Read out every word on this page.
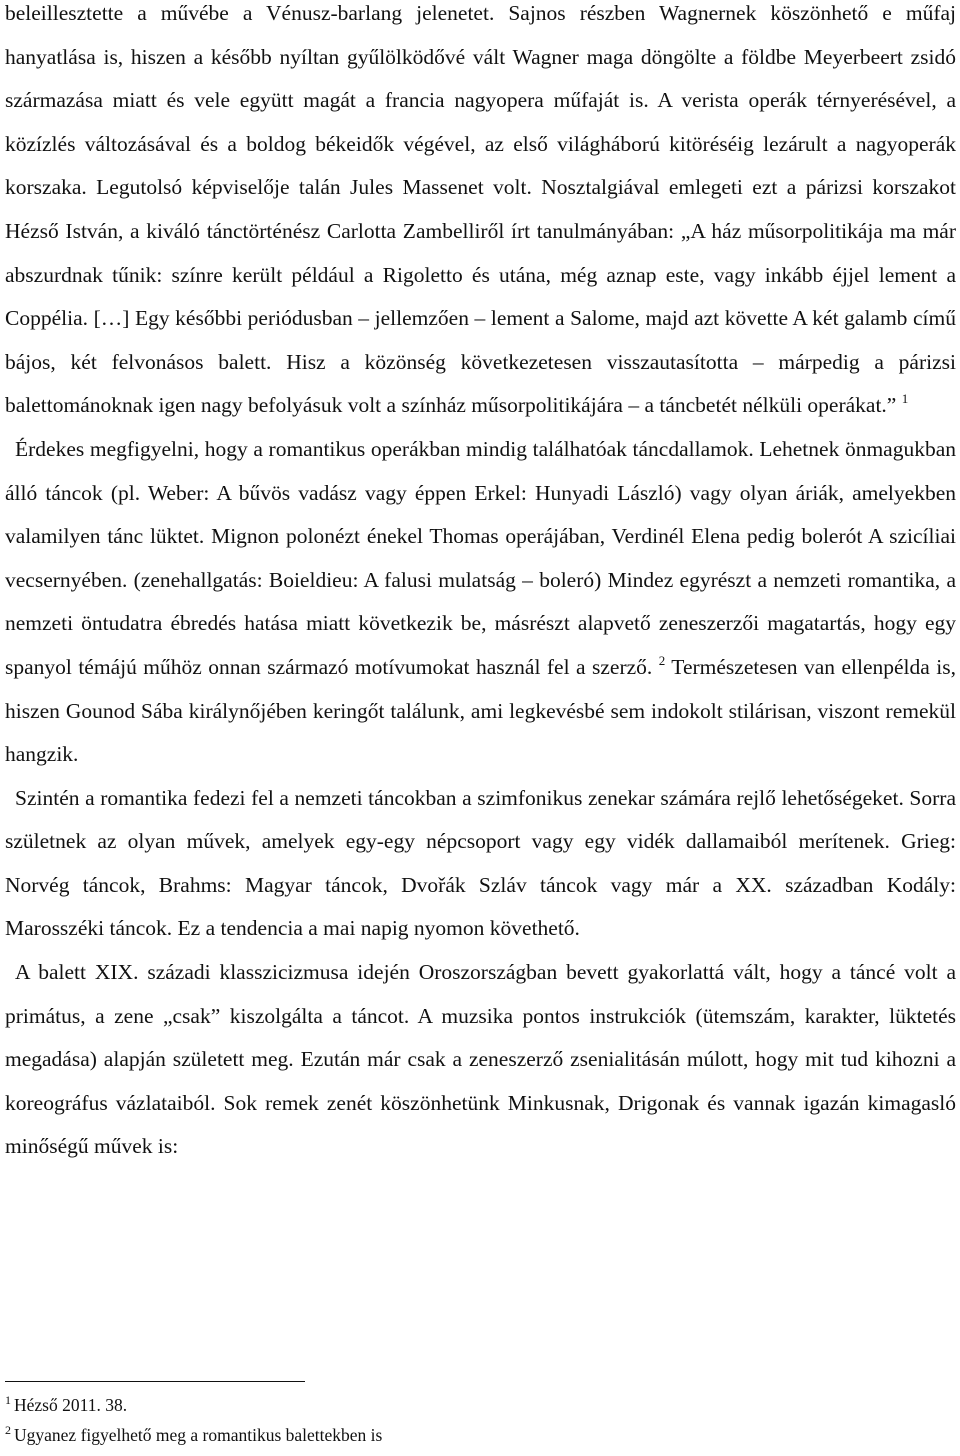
beleillesztette a művébe a Vénusz-barlang jelenetet. Sajnos részben Wagnernek köszönhető e műfaj hanyatlása is, hiszen a később nyíltan gyűlölködővé vált Wagner maga döngölte a földbe Meyerbeert zsidó származása miatt és vele együtt magát a francia nagyopera műfaját is. A verista operák térnyerésével, a közízlés változásával és a boldog békeidők végével, az első világháború kitöréséig lezárult a nagyoperák korszaka. Legutolsó képviselője talán Jules Massenet volt. Nosztalgiával emlegeti ezt a párizsi korszakot Hézső István, a kiváló tánctörténész Carlotta Zambelliről írt tanulmányában: „A ház műsorpolitikája ma már abszurdnak tűnik: színre került például a Rigoletto és utána, még aznap este, vagy inkább éjjel lement a Coppélia. […] Egy későbbi periódusban – jellemzően – lement a Salome, majd azt követte A két galamb című bájos, két felvonásos balett. Hisz a közönség következetesen visszautasította – márpedig a párizsi balettománoknak igen nagy befolyásuk volt a színház műsorpolitikájára – a táncbetét nélküli operákat.” $^1$

Érdekes megfigyelni, hogy a romantikus operákban mindig találhatóak táncdallamok. Lehetnek önmagukban álló táncok (pl. Weber: A bűvös vadász vagy éppen Erkel: Hunyadi László) vagy olyan áriák, amelyekben valamilyen tánc lüktet. Mignon polonézt énekel Thomas operájában, Verdinél Elena pedig bolerót A szicíliai vecsernyében. (zenehallgatás: Boieldieu: A falusi mulatság – boleró) Mindez egyrészt a nemzeti romantika, a nemzeti öntudatra ébredés hatása miatt következik be, másrészt alapvető zeneszerzői magatartás, hogy egy spanyol témájú műhöz onnan származó motívumokat használ fel a szerző. $^2$ Természetesen van ellenpélda is, hiszen Gounod Sába királynőjében keringőt találunk, ami legkevésbé sem indokolt stilárisan, viszont remekül hangzik.

Szintén a romantika fedezi fel a nemzeti táncokban a szimfonikus zenekar számára rejlő lehetőségeket. Sorra születnek az olyan művek, amelyek egy-egy népcsoport vagy egy vidék dallamaiból merítenek. Grieg: Norvég táncok, Brahms: Magyar táncok, Dvořák Szláv táncok vagy már a XX. században Kodály: Marosszéki táncok. Ez a tendencia a mai napig nyomon követhető.

A balett XIX. századi klasszicizmusa idején Oroszországban bevett gyakorlattá vált, hogy a táncé volt a primátus, a zene „csak” kiszolgálta a táncot. A muzsika pontos instrukciók (ütemszám, karakter, lüktetés megadása) alapján született meg. Ezután már csak a zeneszerző zsenialitásán múlott, hogy mit tud kihozni a koreográfus vázlataiból. Sok remek zenét köszönhetünk Minkusnak, Drigonak és vannak igazán kimagasló minőségű művek is:

$^1$ Hézső 2011. 38.

$^2$ Ugyanez figyelhető meg a romantikus balettekben is
